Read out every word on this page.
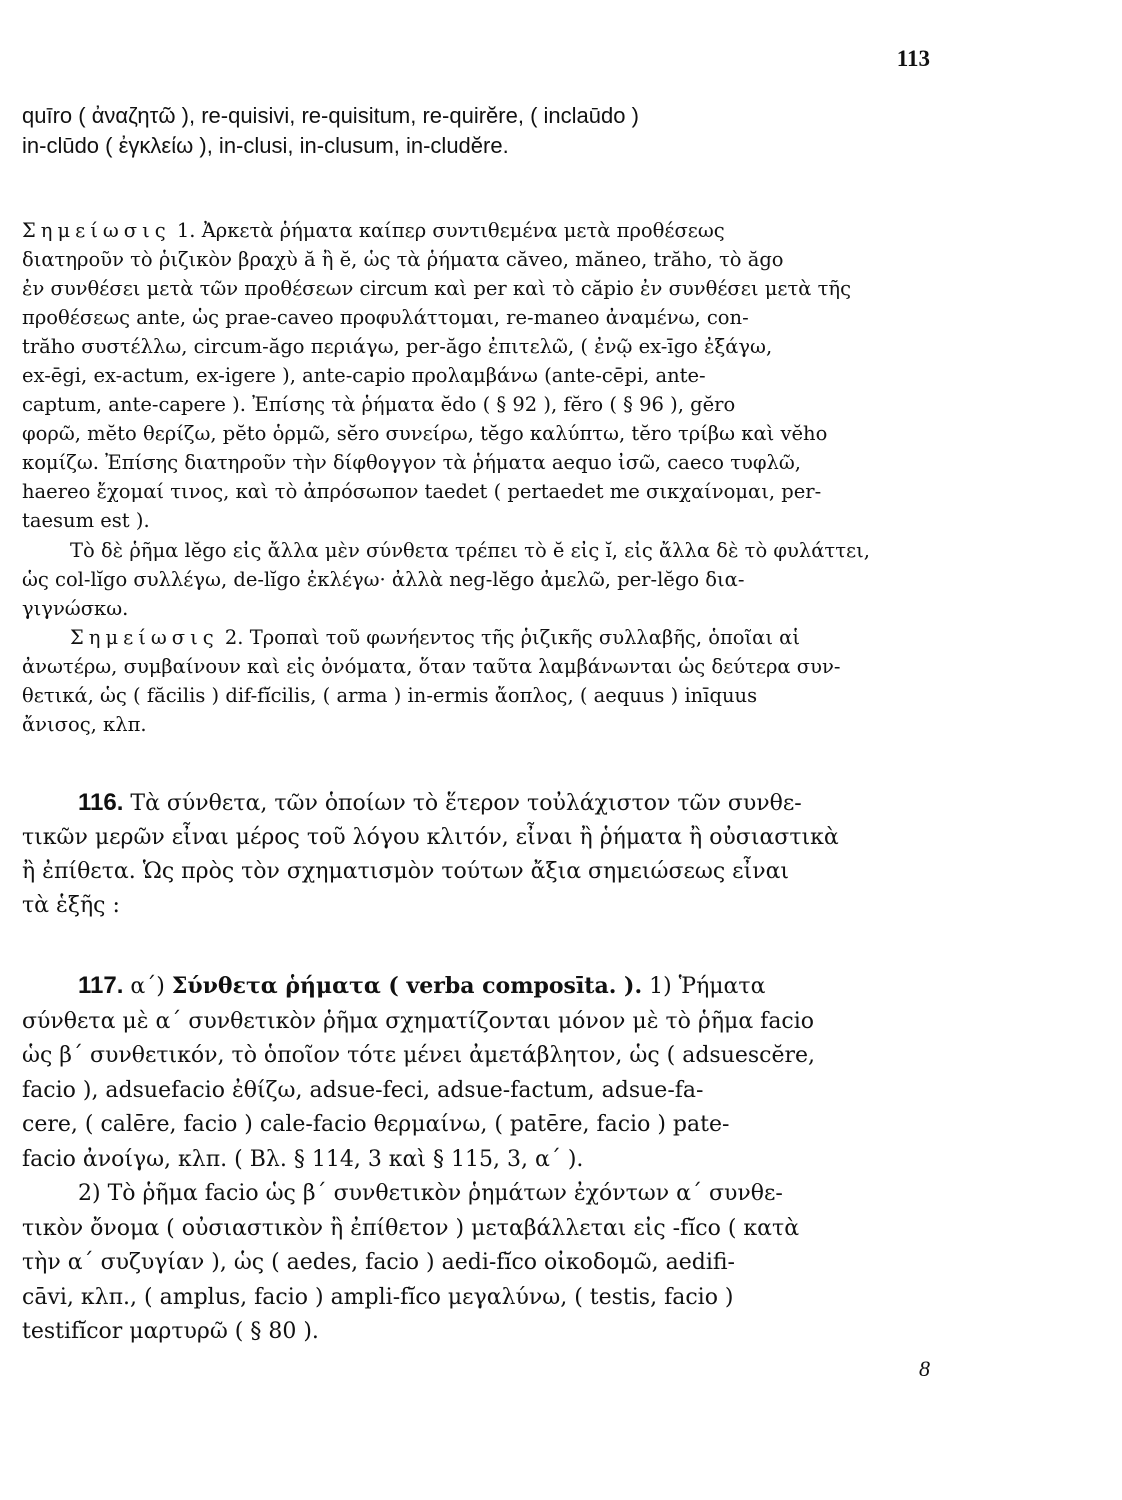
113
quīro ( ἀναζητῶ ), re-quisivi, re-quisitum, re-quirĕre, ( inclaūdo )
in-clūdo ( ἐγκλείω ), in-clusi, in-clusum, in-cludĕre.
Σημείωσις 1. Ἀρκετὰ ῥήματα καίπερ συντιθεμένα μετὰ προθέσεως
διατηροῦν τὸ ῥιζικὸν βραχὺ ă ἢ ĕ, ὡς τὰ ῥήματα căveo, măneo, trăho, τὸ ăgo
ἐν συνθέσει μετὰ τῶν προθέσεων circum καὶ per καὶ τὸ căpio ἐν συνθέσει μετὰ τῆς
προθέσεως ante, ὡς prae-caveo προφυλάττομαι, re-maneo ἀναμένω, con-
trăho συστέλλω, circum-ăgo περιάγω, per-ăgo ἐπιτελῶ, ( ἐνῷ ex-īgo ἐξάγω,
ex-ēgi, ex-actum, ex-igere ), ante-capio προλαμβάνω (ante-cēpi, ante-
captum, ante-capere ). Ἐπίσης τὰ ῥήματα ĕdo ( § 92 ), fĕro ( § 96 ), gĕro
φορῶ, mĕto θερίζω, pĕto ὁρμῶ, sĕro συνείρω, tĕgo καλύπτω, tĕro τρίβω καὶ vĕho
κομίζω. Ἐπίσης διατηροῦν τὴν δίφθογγον τὰ ῥήματα aequo ἰσῶ, caeco τυφλῶ,
haereo ἔχομαί τινος, καὶ τὸ ἀπρόσωπον taedet ( pertaedet me σικχαίνομαι, per-
taesum est ).
Τὸ δὲ ῥῆμα lĕgo εἰς ἄλλα μὲν σύνθετα τρέπει τὸ ĕ εἰς ĭ, εἰς ἄλλα δὲ τὸ φυλάττει,
ὡς col-lĭgo συλλέγω, de-lĭgo ἐκλέγω· ἀλλὰ neg-lĕgo ἀμελῶ, per-lĕgo δια-
γιγνώσκω.
Σημείωσις 2. Τροπαὶ τοῦ φωνήεντος τῆς ῥιζικῆς συλλαβῆς, ὁποῖαι αἱ
ἀνωτέρω, συμβαίνουν καὶ εἰς ὀνόματα, ὅταν ταῦτα λαμβάνωνται ὡς δεύτερα συν-
θετικά, ὡς ( făcilis ) dif-fĭcilis, ( arma ) in-ermis ἄοπλος, ( aequus ) inīquus
ἄνισος, κλπ.
116. Τὰ σύνθετα, τῶν ὁποίων τὸ ἕτερον τοὐλάχιστον τῶν συνθε-
τικῶν μερῶν εἶναι μέρος τοῦ λόγου κλιτόν, εἶναι ἢ ῥήματα ἢ οὐσιαστικὰ
ἢ ἐπίθετα. Ὡς πρὸς τὸν σχηματισμὸν τούτων ἄξια σημειώσεως εἶναι
τὰ ἑξῆς :
117. α΄) Σύνθετα ῥήματα ( verba composīta. ). 1) Ῥήματα
σύνθετα μὲ α΄ συνθετικὸν ῥῆμα σχηματίζονται μόνον μὲ τὸ ῥῆμα facio
ὡς β΄ συνθετικόν, τὸ ὁποῖον τότε μένει ἀμετάβλητον, ὡς ( adsuescĕre,
facio ), adsuefacio ἐθίζω, adsue-feci, adsue-factum, adsue-fa-
cere, ( calēre, facio ) cale-facio θερμαίνω, ( patēre, facio ) pate-
facio ἀνοίγω, κλπ. ( Βλ. § 114, 3 καὶ § 115, 3, α΄ ).
2) Τὸ ῥῆμα facio ὡς β΄ συνθετικὸν ῥημάτων ἐχόντων α΄ συνθε-
τικὸν ὄνομα ( οὐσιαστικὸν ἢ ἐπίθετον ) μεταβάλλεται εἰς -fĭco ( κατὰ
τὴν α΄ συζυγίαν ), ὡς ( aedes, facio ) aedi-fĭco οἰκοδομῶ, aedifi-
cāvi, κλπ., ( amplus, facio ) ampli-fĭco μεγαλύνω, ( testis, facio )
testifĭcor μαρτυρῶ ( § 80 ).
8
